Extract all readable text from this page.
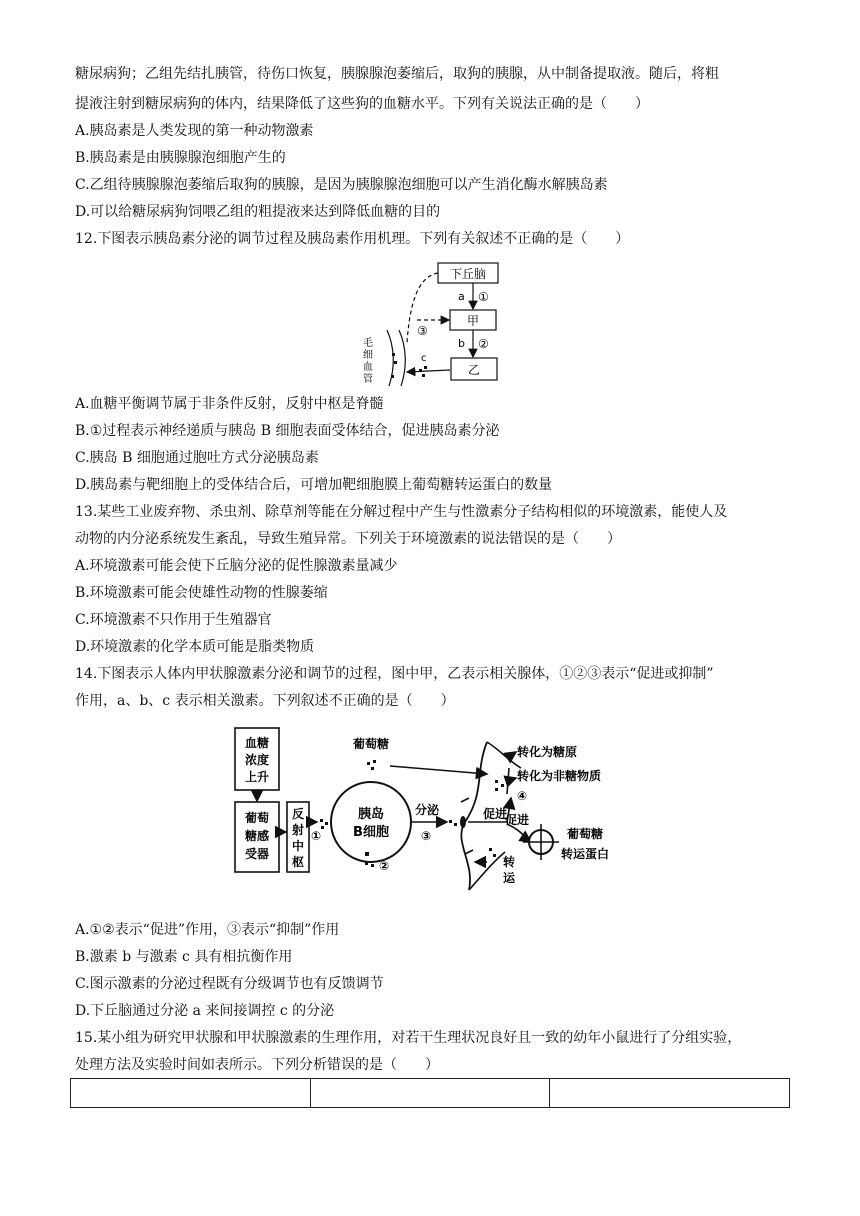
糖尿病狗；乙组先结扎胰管，待伤口恢复，胰腺腺泡萎缩后，取狗的胰腺，从中制备提取液。随后，将粗
提液注射到糖尿病狗的体内，结果降低了这些狗的血糖水平。下列有关说法正确的是（　　）
A.胰岛素是人类发现的第一种动物激素
B.胰岛素是由胰腺腺泡细胞产生的
C.乙组待胰腺腺泡萎缩后取狗的胰腺，是因为胰腺腺泡细胞可以产生消化酶水解胰岛素
D.可以给糖尿病狗饲喂乙组的粗提液来达到降低血糖的目的
12.下图表示胰岛素分泌的调节过程及胰岛素作用机理。下列有关叙述不正确的是（　　）
下丘脑
甲
乙
a ①
b ②
③
毛
细
血
管
c
A.血糖平衡调节属于非条件反射，反射中枢是脊髓
B.①过程表示神经递质与胰岛 B 细胞表面受体结合，促进胰岛素分泌
C.胰岛 B 细胞通过胞吐方式分泌胰岛素
D.胰岛素与靶细胞上的受体结合后，可增加靶细胞膜上葡萄糖转运蛋白的数量
13.某些工业废弃物、杀虫剂、除草剂等能在分解过程中产生与性激素分子结构相似的环境激素，能使人及
动物的内分泌系统发生紊乱，导致生殖异常。下列关于环境激素的说法错误的是（　　）
A.环境激素可能会使下丘脑分泌的促性腺激素量减少
B.环境激素可能会使雄性动物的性腺萎缩
C.环境激素不只作用于生殖器官
D.环境激素的化学本质可能是脂类物质
14.下图表示人体内甲状腺激素分泌和调节的过程，图中甲，乙表示相关腺体，①②③表示“促进或抑制”
作用，a、b、c 表示相关激素。下列叙述不正确的是（　　）
血糖
浓度
上升
葡萄
糖感
受器
反
射
中
枢
①
胰岛
B细胞
葡萄糖
②
分泌
③
促进
促进
转化为糖原
转化为非糖物质
④
转
运
葡萄糖
转运蛋白
A.①②表示“促进”作用，③表示“抑制”作用
B.激素 b 与激素 c 具有相抗衡作用
C.图示激素的分泌过程既有分级调节也有反馈调节
D.下丘脑通过分泌 a 来间接调控 c 的分泌
15.某小组为研究甲状腺和甲状腺激素的生理作用，对若干生理状况良好且一致的幼年小鼠进行了分组实验，
处理方法及实验时间如表所示。下列分析错误的是（　　）
